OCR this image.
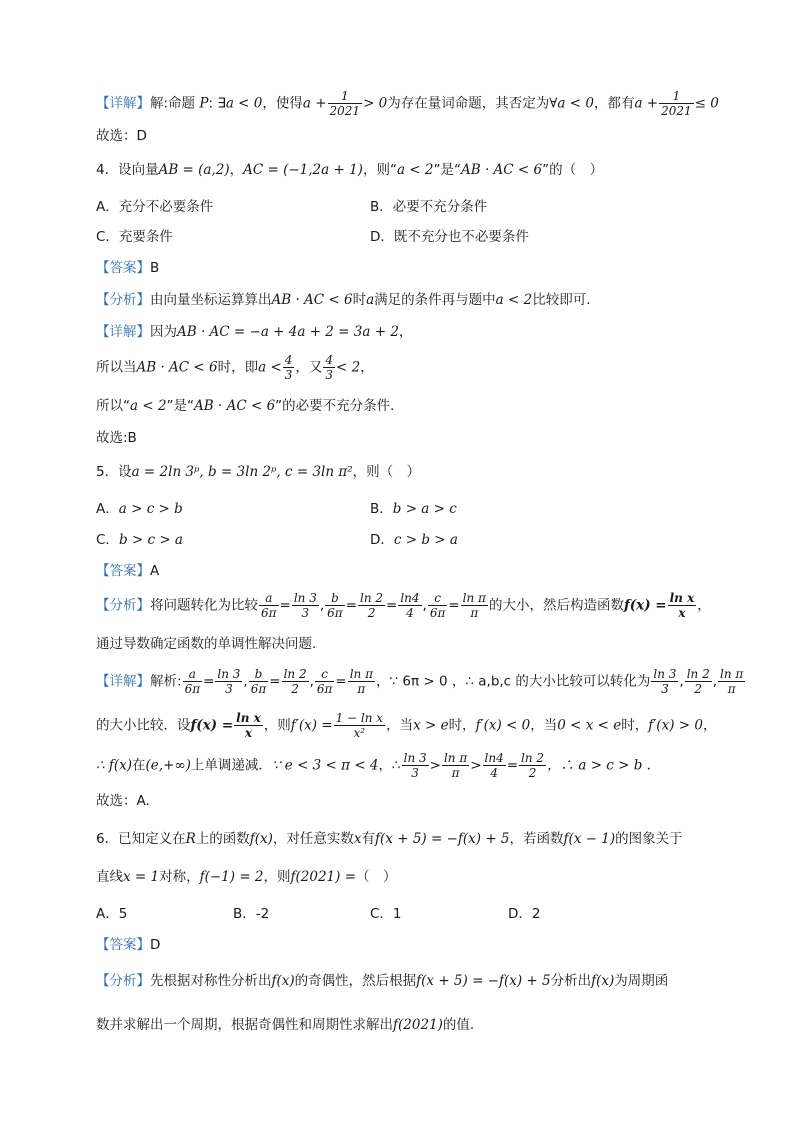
【详解】解:命题 P: ∃a < 0，使得$a + \frac{1}{2021} > 0$为存在量词命题，其否定为∀a < 0，都有$a + \frac{1}{2021} \le 0$
故选：D
4．设向量AB = (a,2)，AC = (−1,2a + 1)，则“a < 2”是“AB · AC < 6”的（　）
A．充分不必要条件	B．必要不充分条件
C．充要条件	D．既不充分也不必要条件
【答案】B
【分析】由向量坐标运算算出AB · AC < 6时a满足的条件再与题中a < 2比较即可.
【详解】因为AB · AC = −a + 4a + 2 = 3a + 2，
所以当AB · AC < 6时，即$a < \frac{4}{3}$ ，又 $\frac{4}{3} < 2$，
所以“a < 2”是“AB · AC < 6”的必要不充分条件．
故选:B
5．设a = 2ln 3ᵖ, b = 3ln 2ᵖ, c = 3ln π²，则（　）
A．a > c > b	B．b > a > c
C．b > c > a	D．c > b > a
【答案】A
【分析】将问题转化为比较 $\frac{a}{6\pi} = \frac{\ln 3}{3}$ , $\frac{b}{6\pi} = \frac{\ln 2}{2} = \frac{\ln 4}{4}$ , $\frac{c}{6\pi} = \frac{\text{ln π}}{\pi}$ 的大小，然后构造函数$f(x) = \frac{\text{ln x}}{x}$ ，
通过导数确定函数的单调性解决问题.
【详解】解析: $\frac{a}{6\pi} = \frac{\ln 3}{3}$ , $\frac{b}{6\pi} = \frac{\ln 2}{2}$ , $\frac{c}{6\pi} = \frac{\text{ln π}}{\pi}$ ，∵ 6π > 0 ，∴ a,b,c 的大小比较可以转化为 $\frac{\ln 3}{3}$ , $\frac{\ln 2}{2}$ , $\frac{\text{ln π}}{\pi}$
的大小比较．设$f(x) = \frac{\text{ln x}}{x}$ ，则$f'(x) = \frac{\text{1 − ln x}}{\text{x²}}$ ，当x > e时，f′(x) < 0，当0 < x < e时，f′(x) > 0，
∴ f(x)在(e,+∞)上单调递减．∵ e < 3 < π < 4，∴ $\frac{\ln 3}{3} > \frac{\text{ln π}}{\pi} > \frac{\ln 4}{4} = \frac{\ln 2}{2}$ ，∴ a > c > b .
故选：A.
6．已知定义在R上的函数f(x)，对任意实数x有f(x + 5) = −f(x) + 5，若函数f(x − 1)的图象关于
直线x = 1对称，f(−1) = 2，则f(2021) =（　）
A．5	B．-2	C．1	D．2
【答案】D
【分析】先根据对称性分析出f(x)的奇偶性，然后根据f(x + 5) = −f(x) + 5分析出f(x)为周期函
数并求解出一个周期，根据奇偶性和周期性求解出f(2021)的值.
